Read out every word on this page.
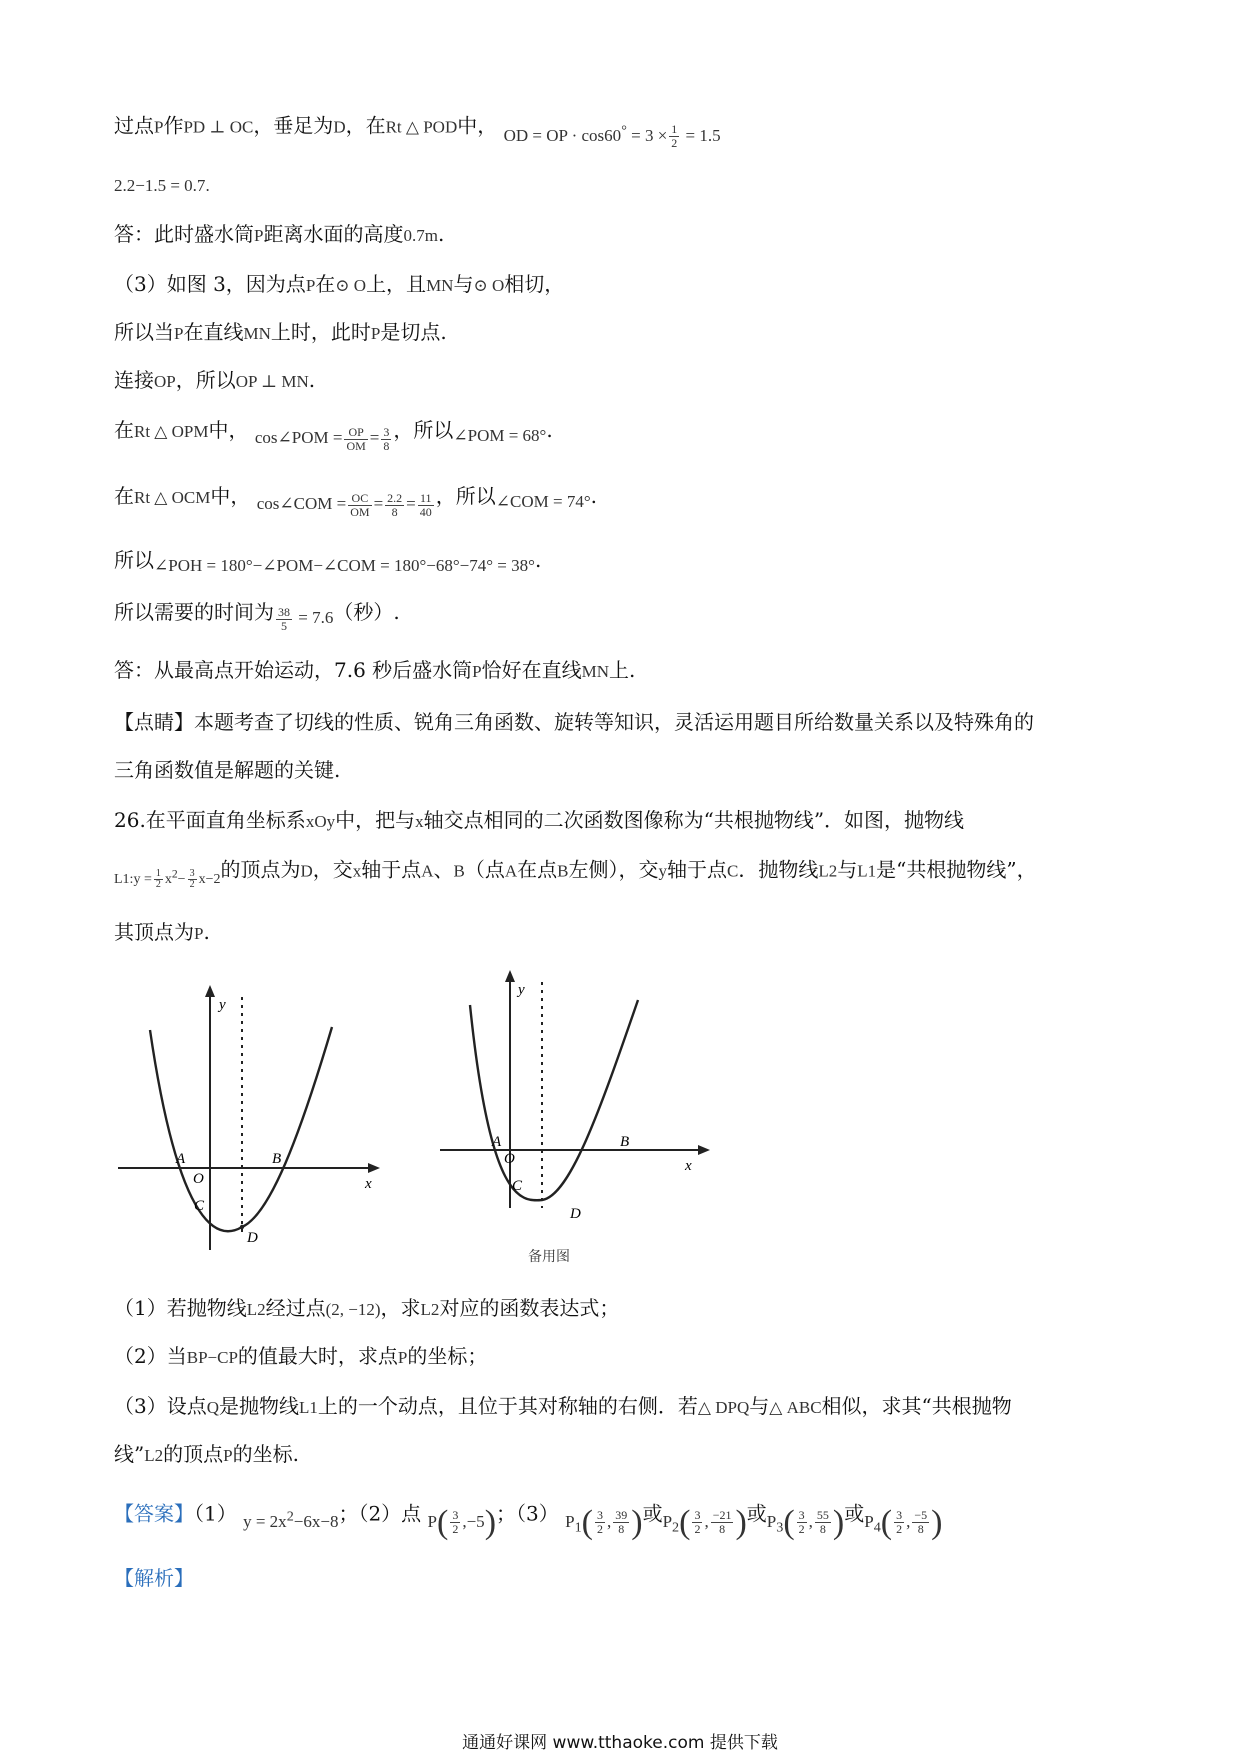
过点P作PD ⊥ OC，垂足为D，在Rt △ POD中， $_{OD = OP \cdot cos60^\circ = 3 \times \frac{1}{2} = 1.5}$
2.2−1.5 = 0.7.
答：此时盛水筒P距离水面的高度0.7m.
（3）如图 3，因为点P在⊙ O上，且MN与⊙ O相切，
所以当P在直线MN上时，此时P是切点.
连接OP，所以OP ⊥ MN.
在Rt △ OPM中， $_{cos\angle POM = \frac{OP}{OM} = \frac{3}{8}}$ ，所以$_{\angle POM = 68^\circ}$.
在Rt △ OCM中， $_{cos\angle COM = \frac{OC}{OM} = \frac{2.2}{8} = \frac{11}{40}}$ ，所以$_{\angle COM = 74^\circ}$.
所以$_{\angle POH = 180^\circ-\angle POM-\angle COM = 180^\circ-68^\circ-74^\circ = 38^\circ}$.
所以需要的时间为 $_{\frac{38}{5} = 7.6}$（秒）.
答：从最高点开始运动，7.6 秒后盛水筒P恰好在直线MN上.
【点睛】本题考查了切线的性质、锐角三角函数、旋转等知识，灵活运用题目所给数量关系以及特殊角的
三角函数值是解题的关键.
26.在平面直角坐标系xOy中，把与x轴交点相同的二次函数图像称为“共根抛物线”．如图，抛物线
$_{L1:y = \frac{1}{2} x^2- \frac{3}{2} x-2}$的顶点为D，交x轴于点A、B（点A在点B左侧），交y轴于点C．抛物线L2与L1是“共根抛物线”，
其顶点为P.
y
x
A	B
O
C
D
y
x
A	B
O
C
D
备用图
（1）若抛物线L2经过点(2, −12)，求L2对应的函数表达式；
（2）当BP−CP的值最大时，求点P的坐标；
（3）设点Q是抛物线L1上的一个动点，且位于其对称轴的右侧．若△ DPQ与△ ABC相似，求其“共根抛物
线”L2的顶点P的坐标.
【答案】（1） $_{y = 2x^2-6x-8}$；（2）点 $_{P( \frac{3}{2} ,-5)}$；（3） $_{P_1( \frac{3}{2} , \frac{39}{8} )}$或$_{P_2( \frac{3}{2} , \frac{-21}{8} )}$或$_{P_3( \frac{3}{2} , \frac{55}{8} )}$或$_{P_4( \frac{3}{2} , \frac{-5}{8} )}$
【解析】
通通好课网 www.tthaoke.com 提供下载
